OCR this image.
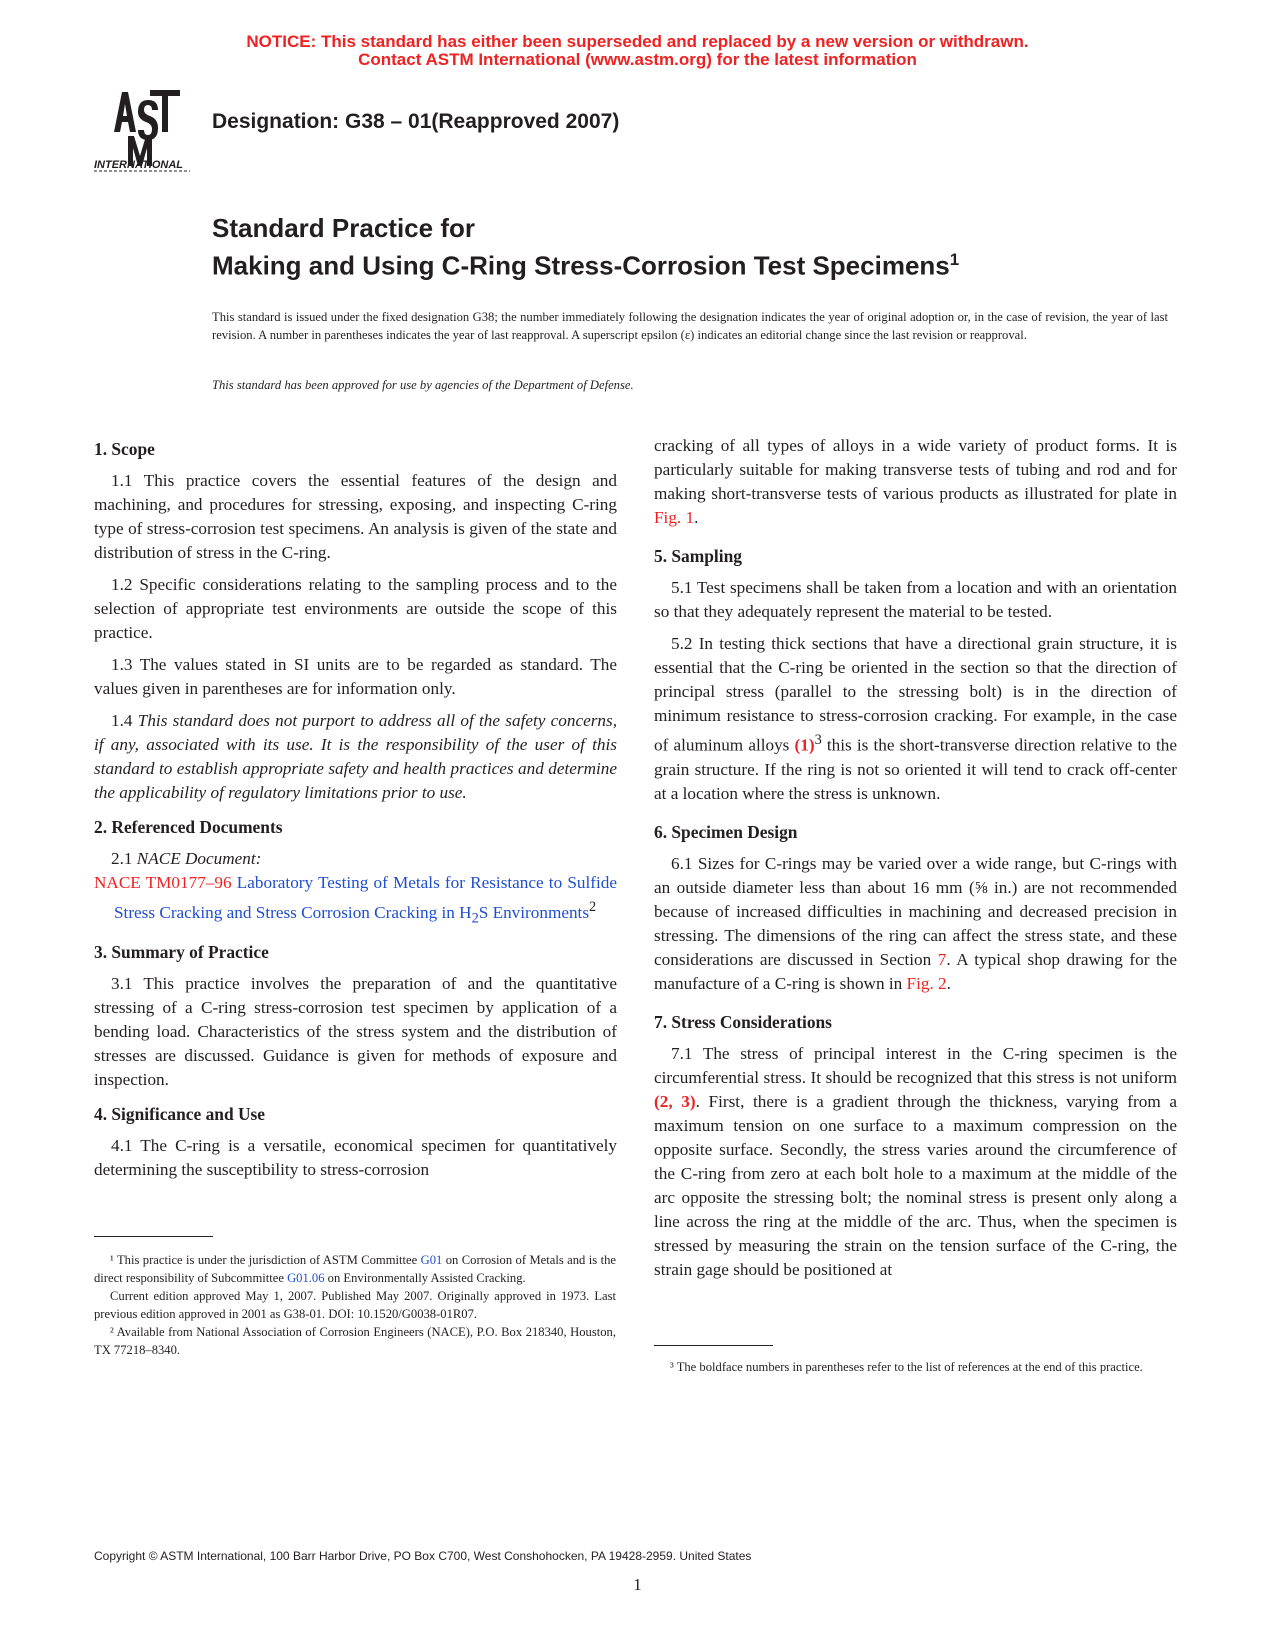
NOTICE: This standard has either been superseded and replaced by a new version or withdrawn.
Contact ASTM International (www.astm.org) for the latest information
INTERNATIONAL
Designation: G38 – 01(Reapproved 2007)
Standard Practice for
Making and Using C-Ring Stress-Corrosion Test Specimens$^1$
This standard is issued under the fixed designation G38; the number immediately following the designation indicates the year of original adoption or, in the case of revision, the year of last revision. A number in parentheses indicates the year of last reapproval. A superscript epsilon (ε) indicates an editorial change since the last revision or reapproval.
This standard has been approved for use by agencies of the Department of Defense.
1. Scope

1.1 This practice covers the essential features of the design and machining, and procedures for stressing, exposing, and inspecting C-ring type of stress-corrosion test specimens. An analysis is given of the state and distribution of stress in the C-ring.

1.2 Specific considerations relating to the sampling process and to the selection of appropriate test environments are outside the scope of this practice.

1.3 The values stated in SI units are to be regarded as standard. The values given in parentheses are for information only.

1.4 This standard does not purport to address all of the safety concerns, if any, associated with its use. It is the responsibility of the user of this standard to establish appropriate safety and health practices and determine the applicability of regulatory limitations prior to use.

2. Referenced Documents

2.1 NACE Document:

NACE TM0177–96 Laboratory Testing of Metals for Resistance to Sulfide Stress Cracking and Stress Corrosion Cracking in $H_2S$ Environments$^2$
3. Summary of Practice

3.1 This practice involves the preparation of and the quantitative stressing of a C-ring stress-corrosion test specimen by application of a bending load. Characteristics of the stress system and the distribution of stresses are discussed. Guidance is given for methods of exposure and inspection.

4. Significance and Use

4.1 The C-ring is a versatile, economical specimen for quantitatively determining the susceptibility to stress-corrosion

¹ This practice is under the jurisdiction of ASTM Committee G01 on Corrosion of Metals and is the direct responsibility of Subcommittee G01.06 on Environmentally Assisted Cracking.

Current edition approved May 1, 2007. Published May 2007. Originally approved in 1973. Last previous edition approved in 2001 as G38-01. DOI: 10.1520/G0038-01R07.

² Available from National Association of Corrosion Engineers (NACE), P.O. Box 218340, Houston, TX 77218–8340.

cracking of all types of alloys in a wide variety of product forms. It is particularly suitable for making transverse tests of tubing and rod and for making short-transverse tests of various products as illustrated for plate in Fig. 1.

5. Sampling

5.1 Test specimens shall be taken from a location and with an orientation so that they adequately represent the material to be tested.

5.2 In testing thick sections that have a directional grain structure, it is essential that the C-ring be oriented in the section so that the direction of principal stress (parallel to the stressing bolt) is in the direction of minimum resistance to stress-corrosion cracking. For example, in the case of aluminum alloys $(1)^3$ this is the short-transverse direction relative to the grain structure. If the ring is not so oriented it will tend to crack off-center at a location where the stress is unknown.

6. Specimen Design

6.1 Sizes for C-rings may be varied over a wide range, but C-rings with an outside diameter less than about 16 mm (⅝ in.) are not recommended because of increased difficulties in machining and decreased precision in stressing. The dimensions of the ring can affect the stress state, and these considerations are discussed in Section 7. A typical shop drawing for the manufacture of a C-ring is shown in Fig. 2.

7. Stress Considerations

7.1 The stress of principal interest in the C-ring specimen is the circumferential stress. It should be recognized that this stress is not uniform (2, 3). First, there is a gradient through the thickness, varying from a maximum tension on one surface to a maximum compression on the opposite surface. Secondly, the stress varies around the circumference of the C-ring from zero at each bolt hole to a maximum at the middle of the arc opposite the stressing bolt; the nominal stress is present only along a line across the ring at the middle of the arc. Thus, when the specimen is stressed by measuring the strain on the tension surface of the C-ring, the strain gage should be positioned at

³ The boldface numbers in parentheses refer to the list of references at the end of this practice.

Copyright © ASTM International, 100 Barr Harbor Drive, PO Box C700, West Conshohocken, PA 19428-2959. United States
1
